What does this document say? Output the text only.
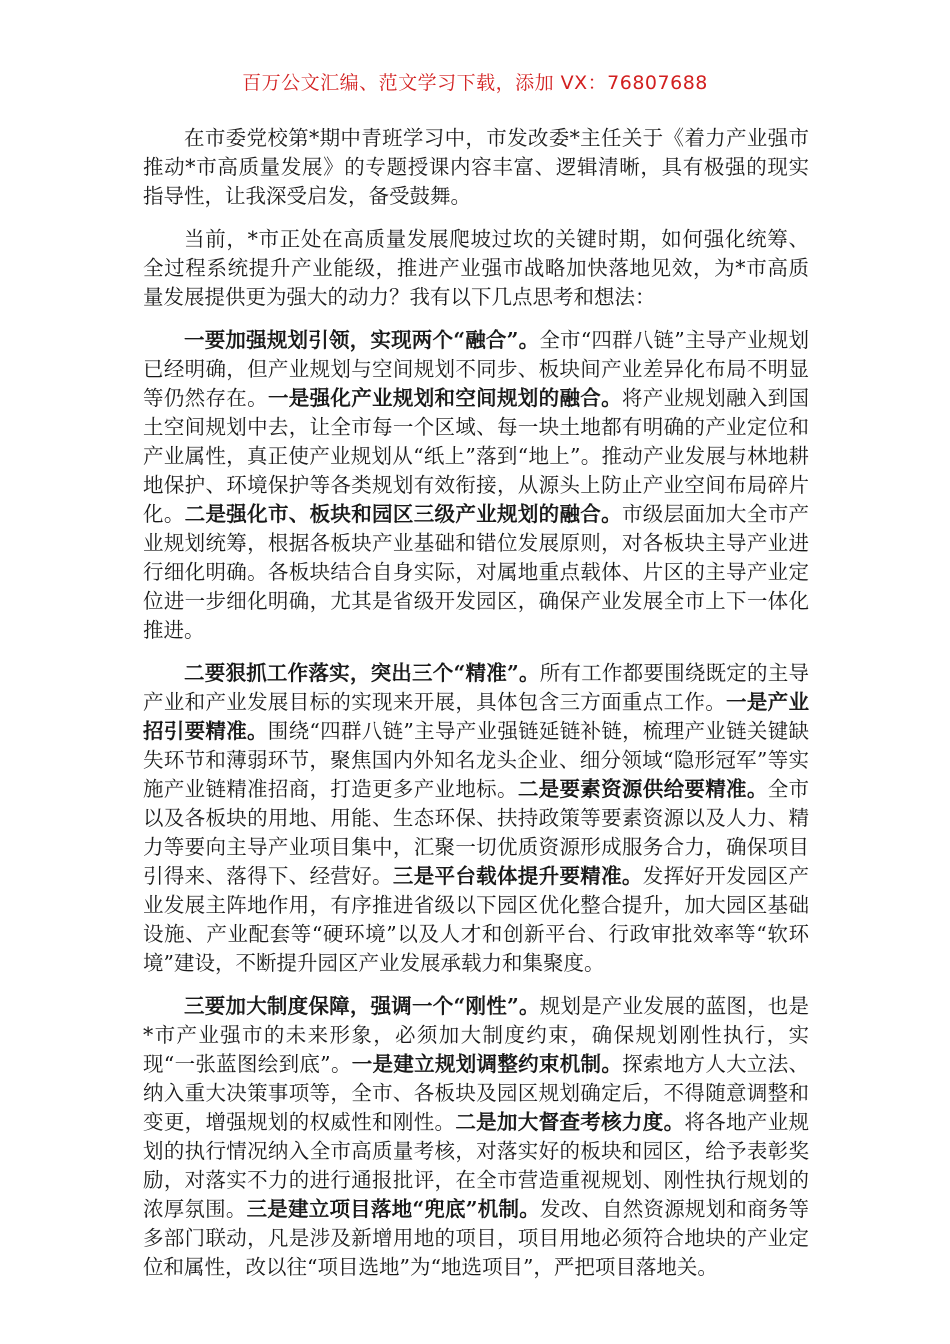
百万公文汇编、范文学习下载，添加 VX：76807688

在市委党校第*期中青班学习中，市发改委*主任关于《着力产业强市　推动*市高质量发展》的专题授课内容丰富、逻辑清晰，具有极强的现实指导性，让我深受启发，备受鼓舞。

当前，*市正处在高质量发展爬坡过坎的关键时期，如何强化统筹、全过程系统提升产业能级，推进产业强市战略加快落地见效，为*市高质量发展提供更为强大的动力？我有以下几点思考和想法：

一要加强规划引领，实现两个“融合”。全市“四群八链”主导产业规划已经明确，但产业规划与空间规划不同步、板块间产业差异化布局不明显等仍然存在。一是强化产业规划和空间规划的融合。将产业规划融入到国土空间规划中去，让全市每一个区域、每一块土地都有明确的产业定位和产业属性，真正使产业规划从“纸上”落到“地上”。推动产业发展与林地耕地保护、环境保护等各类规划有效衔接，从源头上防止产业空间布局碎片化。二是强化市、板块和园区三级产业规划的融合。市级层面加大全市产业规划统筹，根据各板块产业基础和错位发展原则，对各板块主导产业进行细化明确。各板块结合自身实际，对属地重点载体、片区的主导产业定位进一步细化明确，尤其是省级开发园区，确保产业发展全市上下一体化推进。

二要狠抓工作落实，突出三个“精准”。所有工作都要围绕既定的主导产业和产业发展目标的实现来开展，具体包含三方面重点工作。一是产业招引要精准。围绕“四群八链”主导产业强链延链补链，梳理产业链关键缺失环节和薄弱环节，聚焦国内外知名龙头企业、细分领域“隐形冠军”等实施产业链精准招商，打造更多产业地标。二是要素资源供给要精准。全市以及各板块的用地、用能、生态环保、扶持政策等要素资源以及人力、精力等要向主导产业项目集中，汇聚一切优质资源形成服务合力，确保项目引得来、落得下、经营好。三是平台载体提升要精准。发挥好开发园区产业发展主阵地作用，有序推进省级以下园区优化整合提升，加大园区基础设施、产业配套等“硬环境”以及人才和创新平台、行政审批效率等“软环境”建设，不断提升园区产业发展承载力和集聚度。

三要加大制度保障，强调一个“刚性”。规划是产业发展的蓝图，也是*市产业强市的未来形象，必须加大制度约束，确保规划刚性执行，实现“一张蓝图绘到底”。一是建立规划调整约束机制。探索地方人大立法、纳入重大决策事项等，全市、各板块及园区规划确定后，不得随意调整和变更，增强规划的权威性和刚性。二是加大督查考核力度。将各地产业规划的执行情况纳入全市高质量考核，对落实好的板块和园区，给予表彰奖励，对落实不力的进行通报批评，在全市营造重视规划、刚性执行规划的浓厚氛围。三是建立项目落地“兜底”机制。发改、自然资源规划和商务等多部门联动，凡是涉及新增用地的项目，项目用地必须符合地块的产业定位和属性，改以往“项目选地”为“地选项目”，严把项目落地关。
